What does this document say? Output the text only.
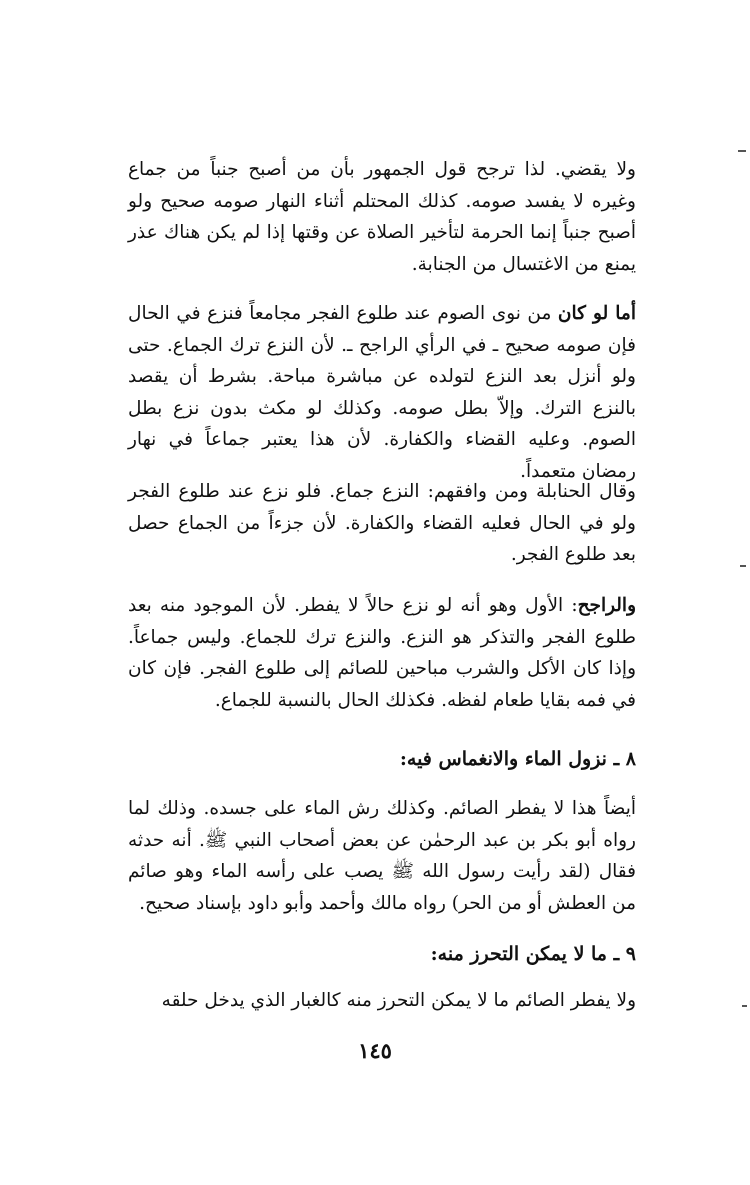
ولا يقضي. لذا ترجح قول الجمهور بأن من أصبح جنباً من جماع وغيره لا يفسد صومه. كذلك المحتلم أثناء النهار صومه صحيح ولو أصبح جنباً إنما الحرمة لتأخير الصلاة عن وقتها إذا لم يكن هناك عذر يمنع من الاغتسال من الجنابة.

أما لو كان من نوى الصوم عند طلوع الفجر مجامعاً فنزع في الحال فإن صومه صحيح ـ في الرأي الراجح ـ. لأن النزع ترك الجماع. حتى ولو أنزل بعد النزع لتولده عن مباشرة مباحة. بشرط أن يقصد بالنزع الترك. وإلاّ بطل صومه. وكذلك لو مكث بدون نزع بطل الصوم. وعليه القضاء والكفارة. لأن هذا يعتبر جماعاً في نهار رمضان متعمداً.

وقال الحنابلة ومن وافقهم: النزع جماع. فلو نزع عند طلوع الفجر ولو في الحال فعليه القضاء والكفارة. لأن جزءاً من الجماع حصل بعد طلوع الفجر.

والراجح: الأول وهو أنه لو نزع حالاً لا يفطر. لأن الموجود منه بعد طلوع الفجر والتذكر هو النزع. والنزع ترك للجماع. وليس جماعاً. وإذا كان الأكل والشرب مباحين للصائم إلى طلوع الفجر. فإن كان في فمه بقايا طعام لفظه. فكذلك الحال بالنسبة للجماع.

٨ ـ نزول الماء والانغماس فيه:

أيضاً هذا لا يفطر الصائم. وكذلك رش الماء على جسده. وذلك لما رواه أبو بكر بن عبد الرحمٰن عن بعض أصحاب النبي ﷺ. أنه حدثه فقال (لقد رأيت رسول الله ﷺ يصب على رأسه الماء وهو صائم من العطش أو من الحر) رواه مالك وأحمد وأبو داود بإسناد صحيح.

٩ ـ ما لا يمكن التحرز منه:

ولا يفطر الصائم ما لا يمكن التحرز منه كالغبار الذي يدخل حلقه

١٤٥
